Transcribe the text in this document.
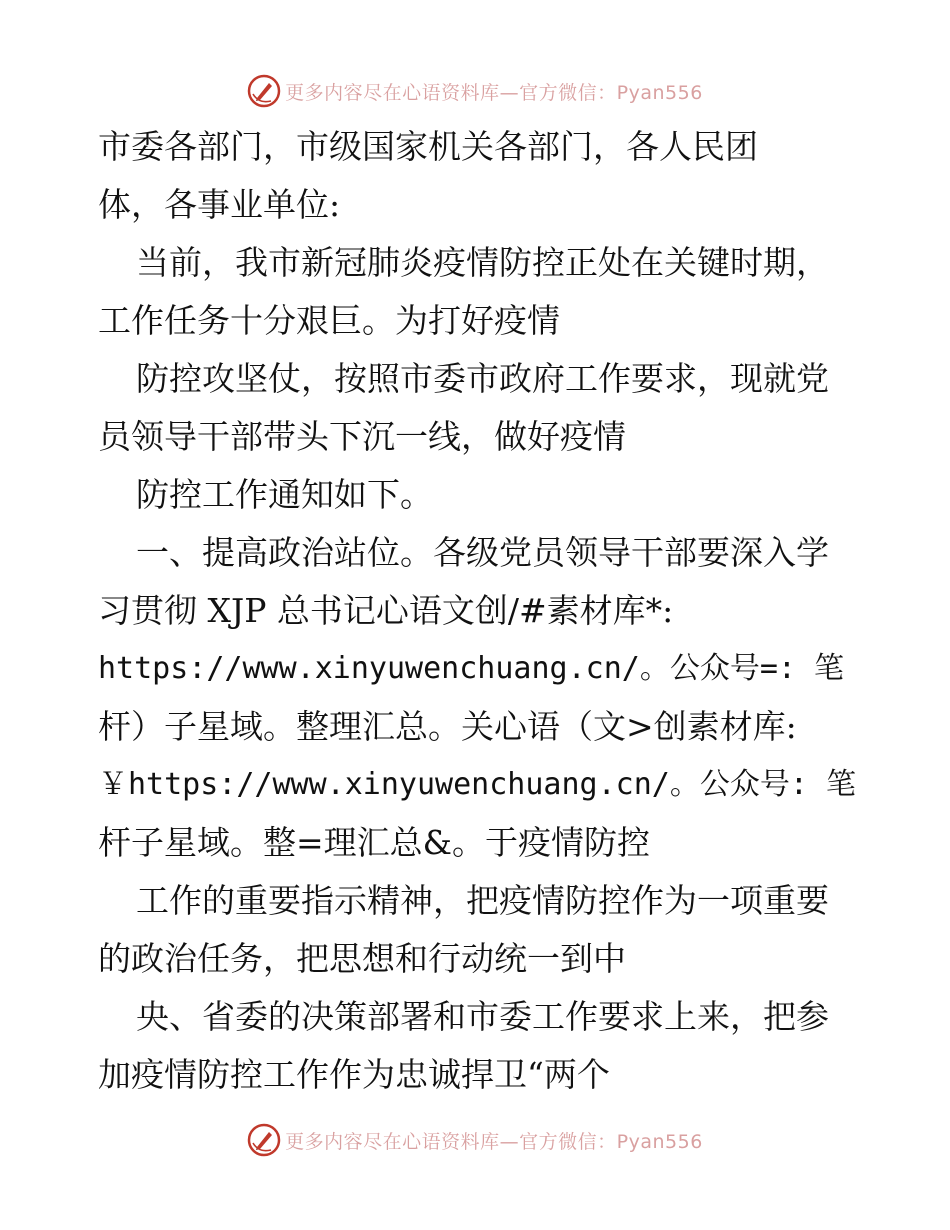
更多内容尽在心语资料库—官方微信：Pyan556
市委各部门，市级国家机关各部门，各人民团
体，各事业单位:
当前，我市新冠肺炎疫情防控正处在关键时期，
工作任务十分艰巨。为打好疫情
防控攻坚仗，按照市委市政府工作要求，现就党
员领导干部带头下沉一线，做好疫情
防控工作通知如下。
一、提高政治站位。各级党员领导干部要深入学
习贯彻 XJP 总书记心语文创/#素材库*:
https://www.xinyuwenchuang.cn/。公众号=: 笔
杆）子星域。整理汇总。关心语（文>创素材库:
￥https://www.xinyuwenchuang.cn/。公众号: 笔
杆子星域。整=理汇总&。于疫情防控
工作的重要指示精神，把疫情防控作为一项重要
的政治任务，把思想和行动统一到中
央、省委的决策部署和市委工作要求上来，把参
加疫情防控工作作为忠诚捍卫“两个
更多内容尽在心语资料库—官方微信：Pyan556
